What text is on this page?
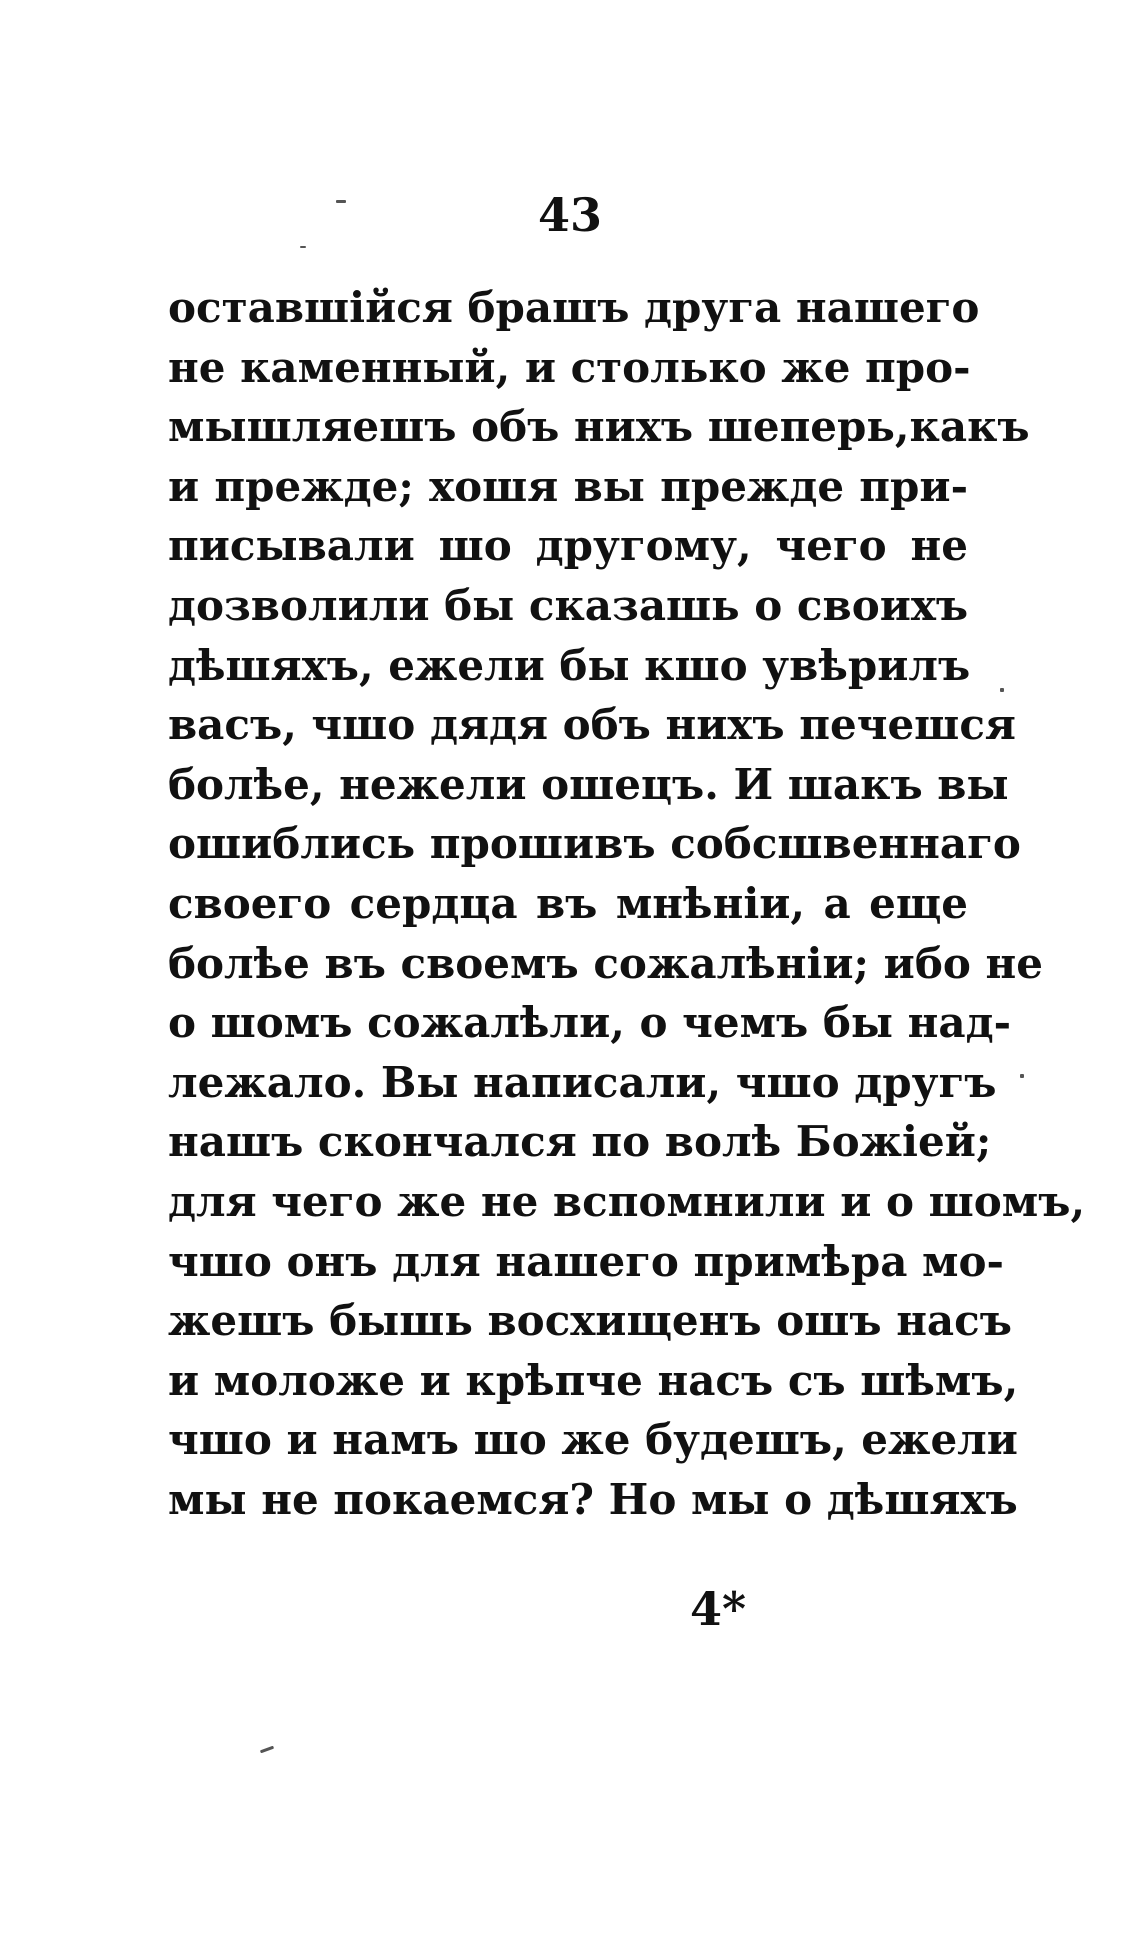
43
оставшійся брашъ друга нашего
не каменный, и столько же про-
мышляешъ объ нихъ шеперь,какъ
и прежде; хошя вы прежде при-
писывали шо другому, чего не
дозволили бы сказашь о своихъ
дѣшяхъ, ежели бы кшо увѣрилъ
васъ, чшо дядя объ нихъ печешся
болѣе, нежели ошецъ. И шакъ вы
ошиблись прошивъ собсшвеннаго
своего сердца въ мнѣніи, а еще
болѣе въ своемъ сожалѣніи; ибо не
о шомъ сожалѣли, о чемъ бы над-
лежало. Вы написали, чшо другъ
нашъ скончался по волѣ Божіей;
для чего же не вспомнили и о шомъ,
чшо онъ для нашего примѣра мо-
жешъ бышь восхищенъ ошъ насъ
и моложе и крѣпче насъ съ шѣмъ,
чшо и намъ шо же будешъ, ежели
мы не покаемся? Но мы о дѣшяхъ
4*
